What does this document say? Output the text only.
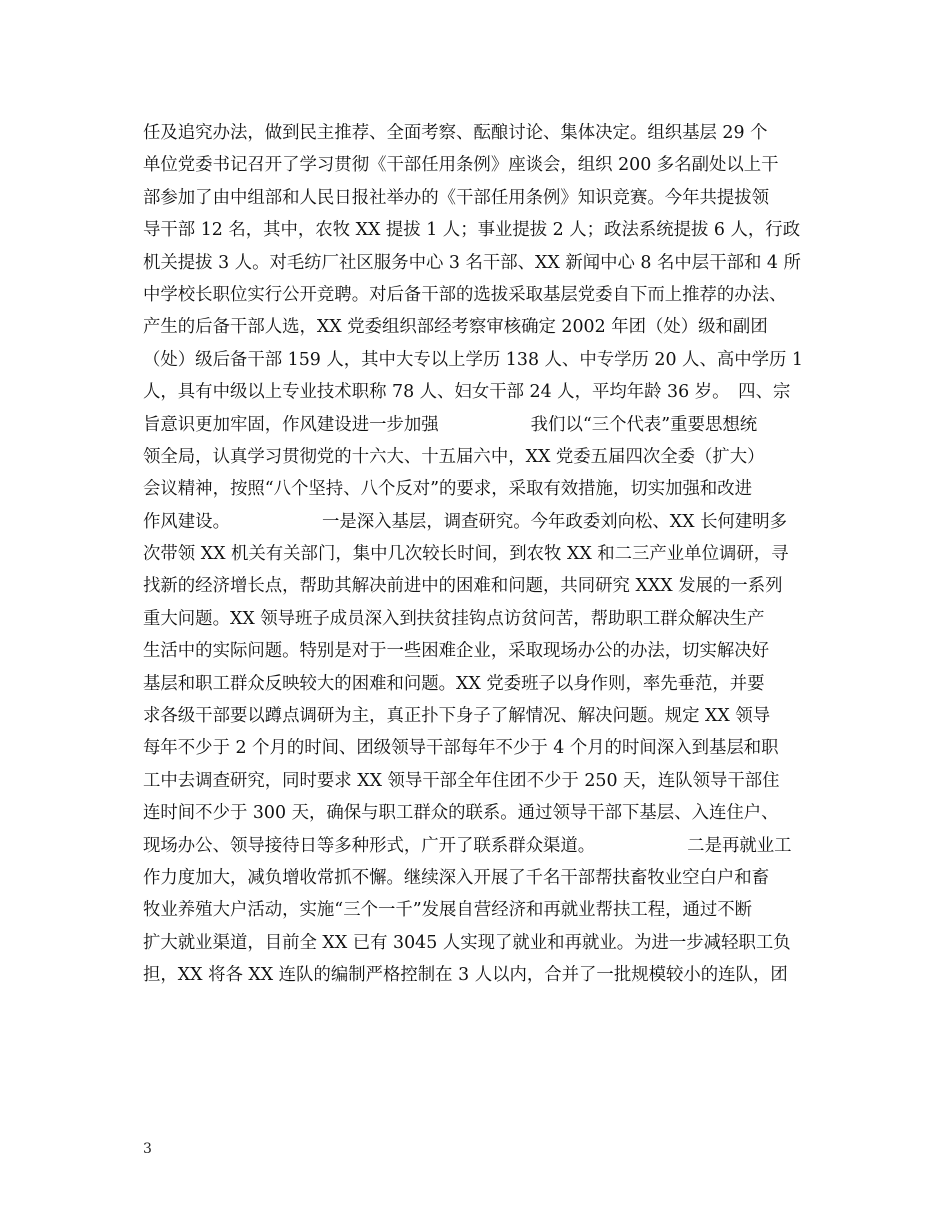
任及追究办法，做到民主推荐、全面考察、酝酿讨论、集体决定。组织基层 29 个
单位党委书记召开了学习贯彻《干部任用条例》座谈会，组织 200 多名副处以上干
部参加了由中组部和人民日报社举办的《干部任用条例》知识竞赛。今年共提拔领
导干部 12 名，其中，农牧 XX 提拔 1 人；事业提拔 2 人；政法系统提拔 6 人，行政
机关提拔 3 人。对毛纺厂社区服务中心 3 名干部、XX 新闻中心 8 名中层干部和 4 所
中学校长职位实行公开竞聘。对后备干部的选拔采取基层党委自下而上推荐的办法、
产生的后备干部人选，XX 党委组织部经考察审核确定 2002 年团（处）级和副团
（处）级后备干部 159 人，其中大专以上学历 138 人、中专学历 20 人、高中学历 1
人，具有中级以上专业技术职称 78 人、妇女干部 24 人，平均年龄 36 岁。　四、宗
旨意识更加牢固，作风建设进一步加强	我们以“三个代表”重要思想统
领全局，认真学习贯彻党的十六大、十五届六中，XX 党委五届四次全委（扩大）
会议精神，按照“八个坚持、八个反对”的要求，采取有效措施，切实加强和改进
作风建设。	一是深入基层，调查研究。今年政委刘向松、XX 长何建明多
次带领 XX 机关有关部门，集中几次较长时间，到农牧 XX 和二三产业单位调研，寻
找新的经济增长点，帮助其解决前进中的困难和问题，共同研究 XXX 发展的一系列
重大问题。XX 领导班子成员深入到扶贫挂钩点访贫问苦，帮助职工群众解决生产
生活中的实际问题。特别是对于一些困难企业，采取现场办公的办法，切实解决好
基层和职工群众反映较大的困难和问题。XX 党委班子以身作则，率先垂范，并要
求各级干部要以蹲点调研为主，真正扑下身子了解情况、解决问题。规定 XX 领导
每年不少于 2 个月的时间、团级领导干部每年不少于 4 个月的时间深入到基层和职
工中去调查研究，同时要求 XX 领导干部全年住团不少于 250 天，连队领导干部住
连时间不少于 300 天，确保与职工群众的联系。通过领导干部下基层、入连住户、
现场办公、领导接待日等多种形式，广开了联系群众渠道。	二是再就业工
作力度加大，减负增收常抓不懈。继续深入开展了千名干部帮扶畜牧业空白户和畜
牧业养殖大户活动，实施“三个一千”发展自营经济和再就业帮扶工程，通过不断
扩大就业渠道，目前全 XX 已有 3045 人实现了就业和再就业。为进一步减轻职工负
担，XX 将各 XX 连队的编制严格控制在 3 人以内，合并了一批规模较小的连队，团
3
